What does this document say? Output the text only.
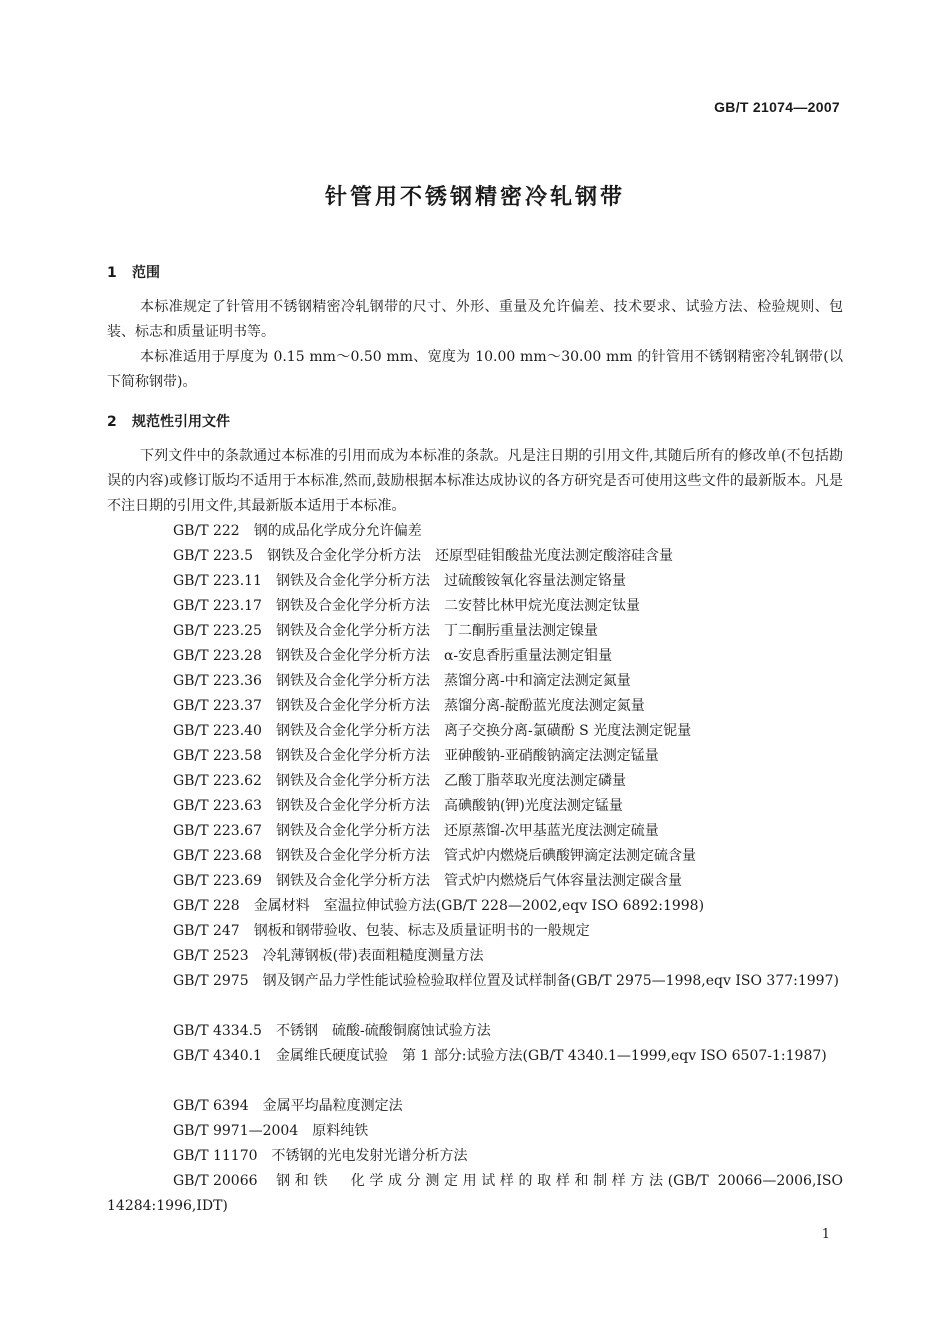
GB/T 21074—2007
针管用不锈钢精密冷轧钢带
1 范围

本标准规定了针管用不锈钢精密冷轧钢带的尺寸、外形、重量及允许偏差、技术要求、试验方法、检验规则、包装、标志和质量证明书等。

本标准适用于厚度为 0.15 mm～0.50 mm、宽度为 10.00 mm～30.00 mm 的针管用不锈钢精密冷轧钢带(以下简称钢带)。

2 规范性引用文件

下列文件中的条款通过本标准的引用而成为本标准的条款。凡是注日期的引用文件,其随后所有的修改单(不包括勘误的内容)或修订版均不适用于本标准,然而,鼓励根据本标准达成协议的各方研究是否可使用这些文件的最新版本。凡是不注日期的引用文件,其最新版本适用于本标准。

GB/T 222 钢的成品化学成分允许偏差

GB/T 223.5 钢铁及合金化学分析方法　还原型硅钼酸盐光度法测定酸溶硅含量

GB/T 223.11 钢铁及合金化学分析方法　过硫酸铵氧化容量法测定铬量

GB/T 223.17 钢铁及合金化学分析方法　二安替比林甲烷光度法测定钛量

GB/T 223.25 钢铁及合金化学分析方法　丁二酮肟重量法测定镍量

GB/T 223.28 钢铁及合金化学分析方法　α-安息香肟重量法测定钼量

GB/T 223.36 钢铁及合金化学分析方法　蒸馏分离-中和滴定法测定氮量

GB/T 223.37 钢铁及合金化学分析方法　蒸馏分离-靛酚蓝光度法测定氮量

GB/T 223.40 钢铁及合金化学分析方法　离子交换分离-氯磺酚 S 光度法测定铌量

GB/T 223.58 钢铁及合金化学分析方法　亚砷酸钠-亚硝酸钠滴定法测定锰量

GB/T 223.62 钢铁及合金化学分析方法　乙酸丁脂萃取光度法测定磷量

GB/T 223.63 钢铁及合金化学分析方法　高碘酸钠(钾)光度法测定锰量

GB/T 223.67 钢铁及合金化学分析方法　还原蒸馏-次甲基蓝光度法测定硫量

GB/T 223.68 钢铁及合金化学分析方法　管式炉内燃烧后碘酸钾滴定法测定硫含量

GB/T 223.69 钢铁及合金化学分析方法　管式炉内燃烧后气体容量法测定碳含量

GB/T 228 金属材料　室温拉伸试验方法(GB/T 228—2002,eqv ISO 6892:1998)

GB/T 247 钢板和钢带验收、包装、标志及质量证明书的一般规定

GB/T 2523 冷轧薄钢板(带)表面粗糙度测量方法

GB/T 2975 钢及钢产品力学性能试验检验取样位置及试样制备(GB/T 2975—1998,eqv ISO 377:1997)

GB/T 4334.5 不锈钢　硫酸-硫酸铜腐蚀试验方法

GB/T 4340.1 金属维氏硬度试验　第 1 部分:试验方法(GB/T 4340.1—1999,eqv ISO 6507-1:1987)

GB/T 6394 金属平均晶粒度测定法

GB/T 9971—2004 原料纯铁

GB/T 11170 不锈钢的光电发射光谱分析方法

GB/T 20066 钢和铁　化学成分测定用试样的取样和制样方法(GB/T 20066—2006,ISO 14284:1996,IDT)

1
